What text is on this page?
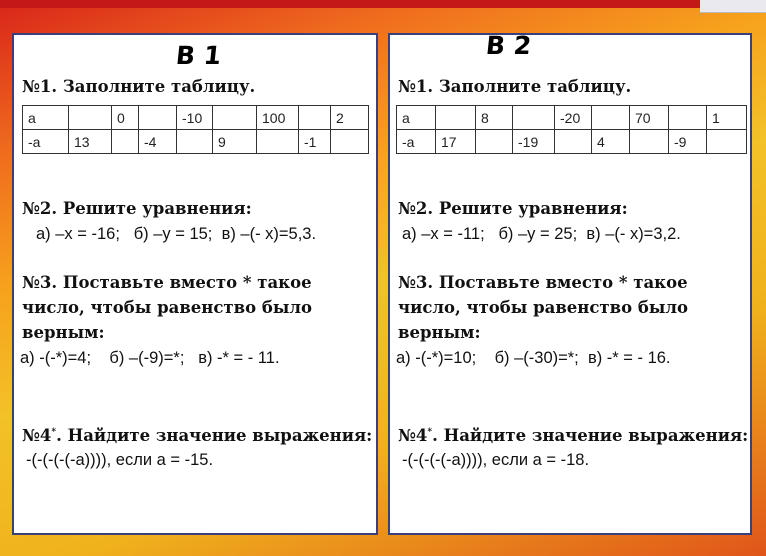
В 1
№1. Заполните таблицу.
а		0		-10		100		2
-а	13		-4		9		-1	
№2. Решите уравнения:
а) –х = -16; б) –у = 15; в) –(- х)=5,3.
№3. Поставьте вместо * такое
число, чтобы равенство было
верным:
а) -(-*)=4; б) –(-9)=*; в) -* = - 11.
№4*. Найдите значение выражения:
-(-(-(-(-а)))), если а = -15.
В 2
№1. Заполните таблицу.
а		8		-20		70		1
-а	17		-19		4		-9	
№2. Решите уравнения:
а) –х = -11; б) –у = 25; в) –(- х)=3,2.
№3. Поставьте вместо * такое
число, чтобы равенство было
верным:
а) -(-*)=10; б) –(-30)=*; в) -* = - 16.
№4*. Найдите значение выражения:
-(-(-(-(-а)))), если а = -18.
